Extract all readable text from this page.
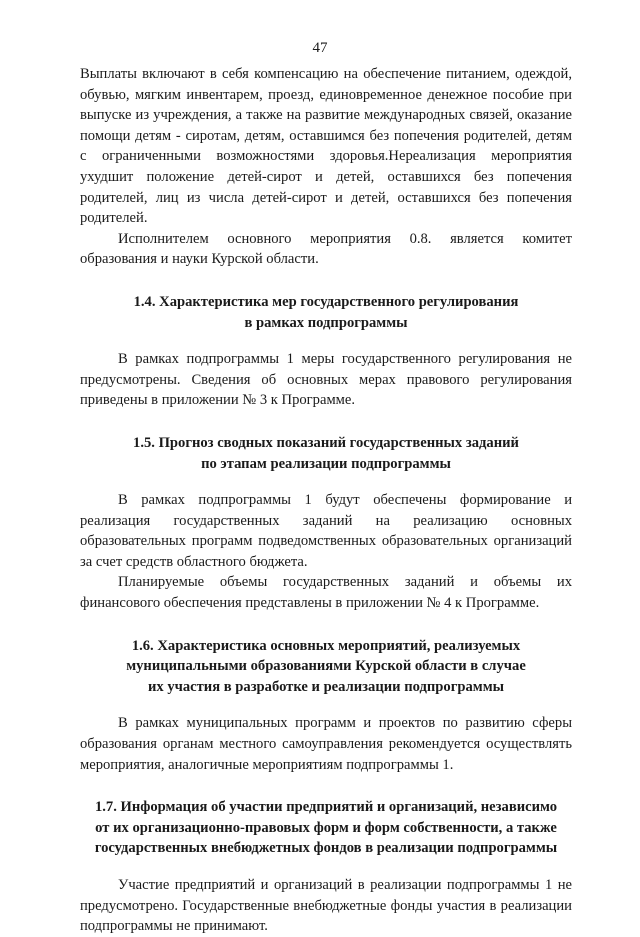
47

Выплаты включают в себя компенсацию на обеспечение питанием, одеждой, обувью, мягким инвентарем, проезд, единовременное денежное пособие при выпуске из учреждения, а также на развитие международных связей, оказание помощи детям - сиротам, детям, оставшимся без попечения родителей, детям с ограниченными возможностями здоровья.Нереализация мероприятия ухудшит положение детей-сирот и детей, оставшихся без попечения родителей, лиц из числа детей-сирот и детей, оставшихся без попечения родителей.

Исполнителем основного мероприятия 0.8. является комитет образования и науки Курской области.

1.4. Характеристика мер государственного регулирования
в рамках подпрограммы

В рамках подпрограммы 1 меры государственного регулирования не предусмотрены. Сведения об основных мерах правового регулирования приведены в приложении № 3 к Программе.

1.5. Прогноз сводных показаний государственных заданий
по этапам реализации подпрограммы

В рамках подпрограммы 1 будут обеспечены формирование и реализация государственных заданий на реализацию основных образовательных программ подведомственных образовательных организаций за счет средств областного бюджета.

Планируемые объемы государственных заданий и объемы их финансового обеспечения представлены в приложении № 4 к Программе.

1.6. Характеристика основных мероприятий, реализуемых
муниципальными образованиями Курской области в случае
их участия в разработке и реализации подпрограммы

В рамках муниципальных программ и проектов по развитию сферы образования органам местного самоуправления рекомендуется осуществлять мероприятия, аналогичные мероприятиям подпрограммы 1.

1.7. Информация об участии предприятий и организаций, независимо
от их организационно-правовых форм и форм собственности, а также
государственных внебюджетных фондов в реализации подпрограммы

Участие предприятий и организаций в реализации подпрограммы 1 не предусмотрено. Государственные внебюджетные фонды участия в реализации подпрограммы не принимают.
